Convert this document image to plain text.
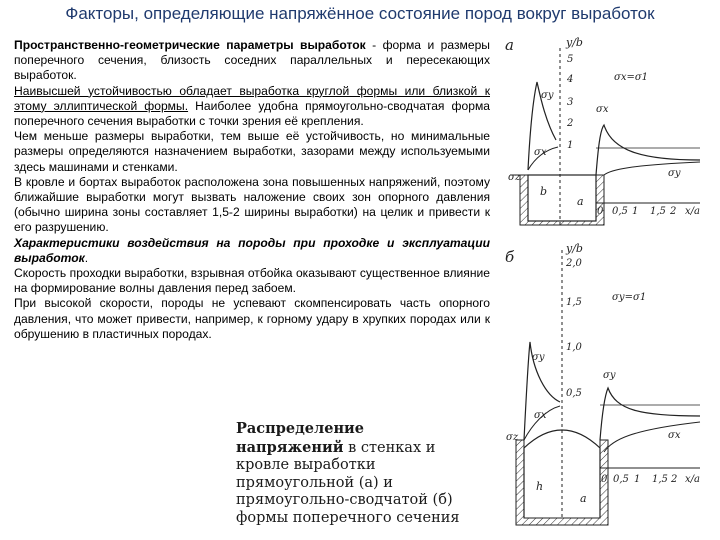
Факторы, определяющие напряжённое состояние пород вокруг выработок

Пространственно-геометрические параметры выработок - форма и размеры поперечного сечения, близость соседних параллельных и пересекающих выработок.

Наивысшей устойчивостью обладает выработка круглой формы или близкой к этому эллиптической формы. Наиболее удобна прямоугольно-сводчатая форма поперечного сечения выработки с точки зрения её крепления.

Чем меньше размеры выработки, тем выше её устойчивость, но минимальные размеры определяются назначением выработки, зазорами между используемыми здесь машинами и стенками.

В кровле и бортах выработок расположена зона повышенных напряжений, поэтому ближайшие выработки могут вызвать наложение своих зон опорного давления (обычно ширина зоны составляет 1,5-2 ширины выработки) на целик и привести к его разрушению.

Характеристики воздействия на породы при проходке и эксплуатации выработок.

Скорость проходки выработки, взрывная отбойка оказывают существенное влияние на формирование волны давления перед забоем.

При высокой скорости, породы не успевают скомпенсировать часть опорного давления, что может привести, например, к горному удару в хрупких породах или к обрушению в пластичных породах.

Распределение напряжений в стенках и кровле выработки прямоугольной (а) и прямоугольно-сводчатой (б) формы поперечного сечения
а	y/b
5
4
3
2
1
a
b
0 0,5 1 1,5 2 x/a
σу
σх
σz
σх
σу
σх=σ1
б	y/b
2,0
1,5
1,0
0,5
a
h
0 0,5 1 1,5 2 x/a
σу
σх
σz
σу
σх
σу=σ1
